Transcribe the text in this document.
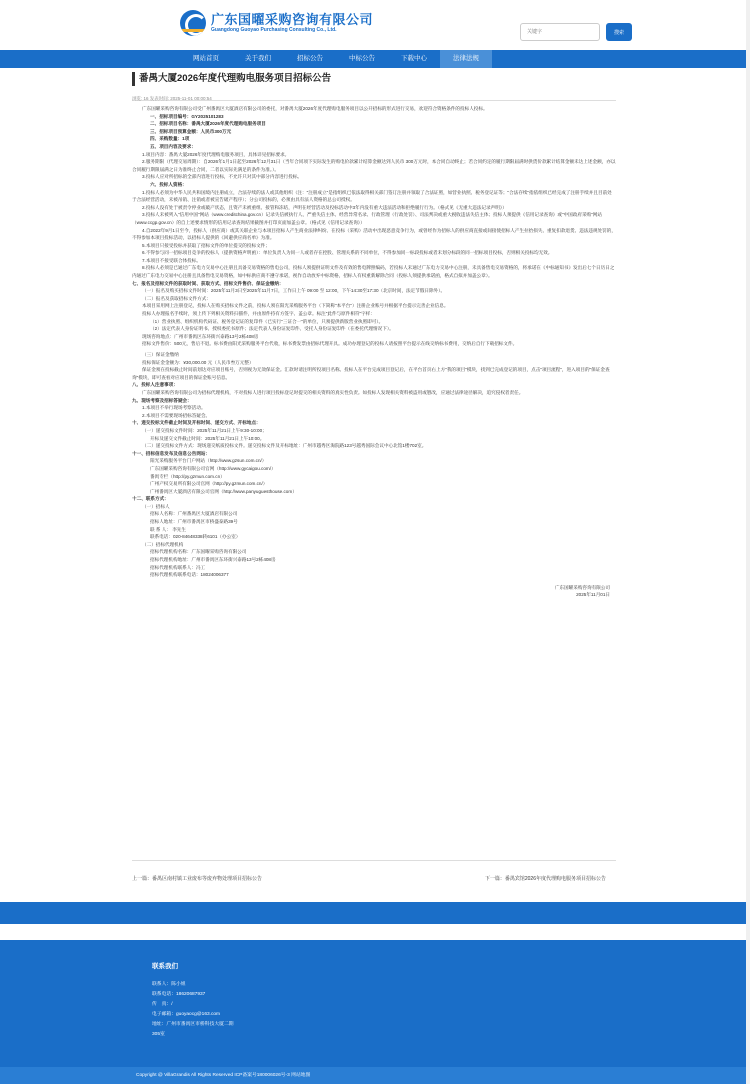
广东国曜采购咨询有限公司
Guangdong Guoyao Purchasing Consulting Co., Ltd.
关键字	搜索
网站首页	关于我们	招标公告	中标公告	下载中心	法律法规
番禺大厦2026年度代理购电服务项目招标公告
浏览: 16 发表时间: 2025-11-01 00:00:54

广东国曜采购咨询有限公司受广州番禺区大厦酒店有限公司的委托，对番禺大厦2026年度代理购电服务项目以公开招标的形式进行交易，欢迎符合资格条件的投标人投标。

一、招标项目编号：GY2025101283

二、招标项目名称：番禺大厦2026年度代理购电服务项目

三、招标项目预算金额：人民币300万元

四、采购数量：1项

五、项目内容及要求：

1.项目内容：番禺大厦2026年度代理购电服务项目，具体详见招标要求。

2.服务期限（代理交易周期）：自2026年1月1日起至2026年12月31日（当年合同项下实际发生的购电价款累计结算金额达到人民币 300万元时，本合同自动终止；若合同约定的履行期限届满时供货价款累计结算金额未达上述金额，亦以合同履行期限届满之日为准终止合同，二者以实际先满足的条件为准。）。

3.投标人应对所招标的全部内容进行投标，不允许只对其中部分内容进行投标。

六、投标人资格：

1.投标人必须为中华人民共和国境内注册成立，合法存续的法人或其他组织（注："注册成立"是指组织已依法取得相关部门签订注册并领取了合法证照，如营业执照、税务登记证等；"合法存续"指依组织已经完成了注册手续并且目前处于合法经营活动，未被吊销、注销或者被宣告破产程序）；分公司投标的，必须由具有法人资格的总公司授权。

2.投标人没有处于被责令停业或破产状态，且资产未被重组、接管和冻结，声明在经营活动及投标活动中3年内没有重大违法活动和拒绝履行行为。（格式见《无重大违法记录声明》）

3.投标人未被列入"信用中国"网站（www.creditchina.gov.cn）记录失信被执行人、严重失信主体、经营异常名录、行政管理（行政处罚）、司法判决或重大税收违法失信主体；投标人须提供《信用记录查询》或"中国政府采购"网站（www.ccgp.gov.cn）的自上述要求情形的信用记录查询结果截图并打印页面加盖公章。（格式见《信用记录查询》）

4.自2022年9月1日至今，投标人（供应商）或其关联企业与本项目招标人产生商业法律纠纷、在投标（采购）活动中出现恶意竞争行为，或曾经作为招标人的供应商直接或间接使招标人产生拉抬损失、重复扣款退货、违法违规处罚的，不得参加本项目投标活动，以招标人提供的《回避供应商名单》为准。

5.本项目只接受投标并获取了招标文件的单位提交的投标文件；

6.不得参与同一招标项目竞争的投标人（提供资格声明函）：单位负责人为同一人或者存在控股、管理关系的不同单位，不得参加同一标段投标或者未划分标段的同一招标项目投标，否则相关投标均无效。

7.本项目不接受联合体投标。

8.投标人必须是已通过广东电力交易中心注册且具备交易资格的售电公司，投标人须提供证明文件及有效的售电牌照编码，若投标人未通过广东电力交易中心注册，未具备售电交易资格的，将承诺在《中标通知书》发出后七个日历日之内通过广东电力交易中心注册且具备售电交易资格，如中标供应商不遵守承诺，视作自动放弃中标资格，招标人有权重新解除合同（投标人须提供承诺函，格式自拟并加盖公章）。

七、报名及招标文件的获取时间、获取方式、招标文件售价、保证金缴纳：

（一）报名及购买招标文件时间：2025年11月3日至2025年11月7日，工作日上午 09:00 至 12:00，下午14:30至17:30（北京时间，法定节假日除外）。

（二）报名及获取招标文件方式：

本项目采用网上注册登记，投标人在购买招标文件之前，投标人须在阳光采购服务平台（下简称"本平台"）注册企业账号并根据平台提示完善企业信息。

投标人办理报名手续时，须上传下列相关资料扫描件，并由原件持有方签字、盖公章。标注"此件与原件相符"字样：

（1）营业执照、组织机构代码证、税务登记证的复印件（已实行"三证合一"的单位，只须提供新版营业执照即可）。

（2）法定代表人身份证明书、授权委托书原件；法定代表人身份证复印件、受托人身份证复印件（在委托代理情况下）。

现场咨询地点：广州市番禺区东环街兴泰路13号2栋408房

招标文件售价：500元，售后不退。标书费由阳光采购服务平台代收，标书费发票由招标代理开具。成功办理登记的投标人请按照平台提示在线交纳标书费用，交纳后自行下载招标文件。

（三）保证金缴纳

投标保证金金额为：¥30,000.00 元（人民币叁万元整）

保证金须在投标截止时间前划达对应项目账号，否则视为无效保证金。汇款时请注明所投项目名称。投标人在平台完成项目登记后，在平台首页右上方"我的项目"模块，找到已完成登记的项目，点击"项目流程"，进入项目的"保证金查询"模块，即可查看对应项目的保证金账号信息。

八、投标人注意事项：

广东国曜采购咨询有限公司为招标代理机构，不对投标人进行项目投标登记时提交的相关资料的真实性负责。如投标人发现相关资料被盗用或篡改，应通过法律途径解决，追究侵权者责任。

九、现场考察及招标答疑会：

1.本项目不举行现场考察活动。

2.本项目不需要现场招标答疑会。

十、递交投标文件截止时间及开标时间、递交方式、开标地点：

（一）递交投标文件时间：2025年11月21日上午9:30-10:00；

开标及递交文件截止时间：2025年11月21日上午10:00。

（二）递交投标文件方式：现场递交纸质投标文件。递交投标文件及开标地址：广州市越秀区淘院路123号越秀国际会议中心北馆1楼702室。

十一、招标信息发布及信息公告网站：

阳光采购服务平台门户网站（http://www.gzsun.com.cn/）

广东国曜采购咨询有限公司官网（http://www.gycaigou.com/）

番禺专栏（http://py.gzmun.com.cn）

广州产权交易所有限公司官网（http://py.gzmun.com.cn/）

广州番禺区大厦酒店有限公司官网（http://www.panyuguesthouse.com）

十二、联系方式：

（一）招标人

招标人名称：广州番禺区大厦酒店有限公司

招标人地址：广州市番禺区市桥盛泰路39号

联 系 人： 李先生

联系电话：020-84648338转6101（办公室）

（二）招标代理机构

招标代理机构名称：广东国曜采购咨询有限公司

招标代理机构地址：广州市番禺区东环街兴泰路13号2栋408房

招标代理机构联系人：冯工

招标代理机构联系电话：18024006377

广东国曜采购咨询有限公司

2025年11月01日

上一篇：番禺区南村镇工业废布等废弃物处理项目招标公告	下一篇：番禺宾馆2026年度代理购电服务项目招标公告
联系我们
联系人：陈小姐
联系电话：18620687937
传　真：/
电子邮箱：guoyaocg@163.com
地址：广州市番禺区市桥科技大厦二期
305室
Copyright @ VillaGrandis All Rights Reserved ICP备案号180006026号-3 网站地图
